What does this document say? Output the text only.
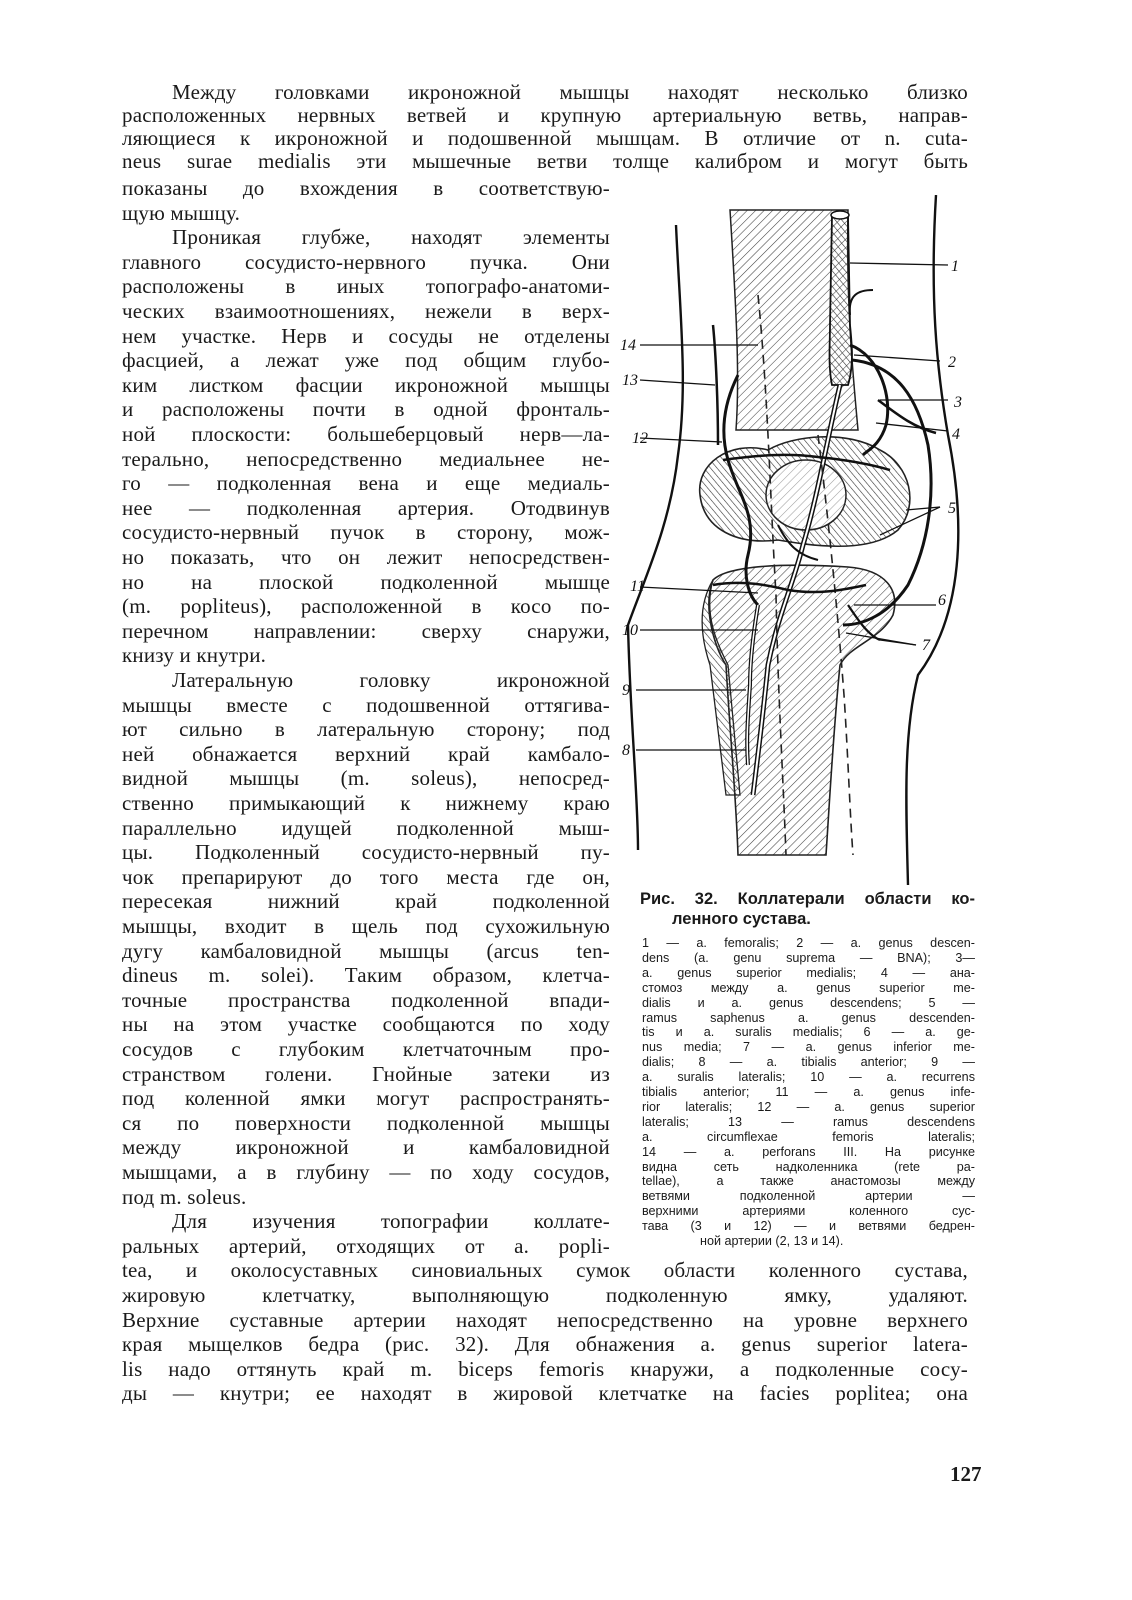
Между головками икроножной мышцы находят несколько близко
расположенных нервных ветвей и крупную артериальную ветвь, направ-
ляющиеся к икроножной и подошвенной мышцам. В отличие от n. cuta-
neus surae medialis эти мышечные ветви толще калибром и могут быть
показаны до вхождения в соответствую-
щую мышцу.
Проникая глубже, находят элементы
главного сосудисто-нервного пучка. Они
расположены в иных топографо-анатоми-
ческих взаимоотношениях, нежели в верх-
нем участке. Нерв и сосуды не отделены
фасцией, а лежат уже под общим глубо-
ким листком фасции икроножной мышцы
и расположены почти в одной фронталь-
ной плоскости: большеберцовый нерв—ла-
терально, непосредственно медиальнее не-
го — подколенная вена и еще медиаль-
нее — подколенная артерия. Отодвинув
сосудисто-нервный пучок в сторону, мож-
но показать, что он лежит непосредствен-
но на плоской подколенной мышце
(m. popliteus), расположенной в косо по-
перечном направлении: сверху снаружи,
книзу и кнутри.
Латеральную головку икроножной
мышцы вместе с подошвенной оттягива-
ют сильно в латеральную сторону; под
ней обнажается верхний край камбало-
видной мышцы (m. soleus), непосред-
ственно примыкающий к нижнему краю
параллельно идущей подколенной мыш-
цы. Подколенный сосудисто-нервный пу-
чок препарируют до того места где он,
пересекая нижний край подколенной
мышцы, входит в щель под сухожильную
дугу камбаловидной мышцы (arcus ten-
dineus m. solei). Таким образом, клетча-
точные пространства подколенной впади-
ны на этом участке сообщаются по ходу
сосудов с глубоким клетчаточным про-
странством голени. Гнойные затеки из
под коленной ямки могут распространять-
ся по поверхности подколенной мышцы
между икроножной и камбаловидной
мышцами, а в глубину — по ходу сосудов,
под m. soleus.
Для изучения топографии коллате-
ральных артерий, отходящих от a. popli-
1
2
3
4
5
6
7
8
9
10
11
12
13
14
Рис. 32. Коллатерали области ко-
ленного сустава.
1 — a. femoralis; 2 — a. genus descen-
dens (a. genu suprema — BNA); 3—
a. genus superior medialis; 4 — ана-
стомоз между a. genus superior me-
dialis и a. genus descendens; 5 —
ramus saphenus a. genus descenden-
tis и a. suralis medialis; 6 — a. ge-
nus media; 7 — a. genus inferior me-
dialis; 8 — a. tibialis anterior; 9 —
a. suralis lateralis; 10 — a. recurrens
tibialis anterior; 11 — a. genus infe-
rior lateralis; 12 — a. genus superior
lateralis; 13 — ramus descendens
a. circumflexae femoris lateralis;
14 — a. perforans III. На рисунке
видна сеть надколенника (rete pa-
tellae), а также анастомозы между
ветвями подколенной артерии —
верхними артериями коленного сус-
тава (3 и 12) — и ветвями бедрен-
ной артерии (2, 13 и 14).
tea, и околосуставных синовиальных сумок области коленного сустава,
жировую клетчатку, выполняющую подколенную ямку, удаляют.
Верхние суставные артерии находят непосредственно на уровне верхнего
края мыщелков бедра (рис. 32). Для обнажения a. genus superior latera-
lis надо оттянуть край m. biceps femoris кнаружи, а подколенные сосу-
ды — кнутри; ее находят в жировой клетчатке на facies poplitea; она
127
